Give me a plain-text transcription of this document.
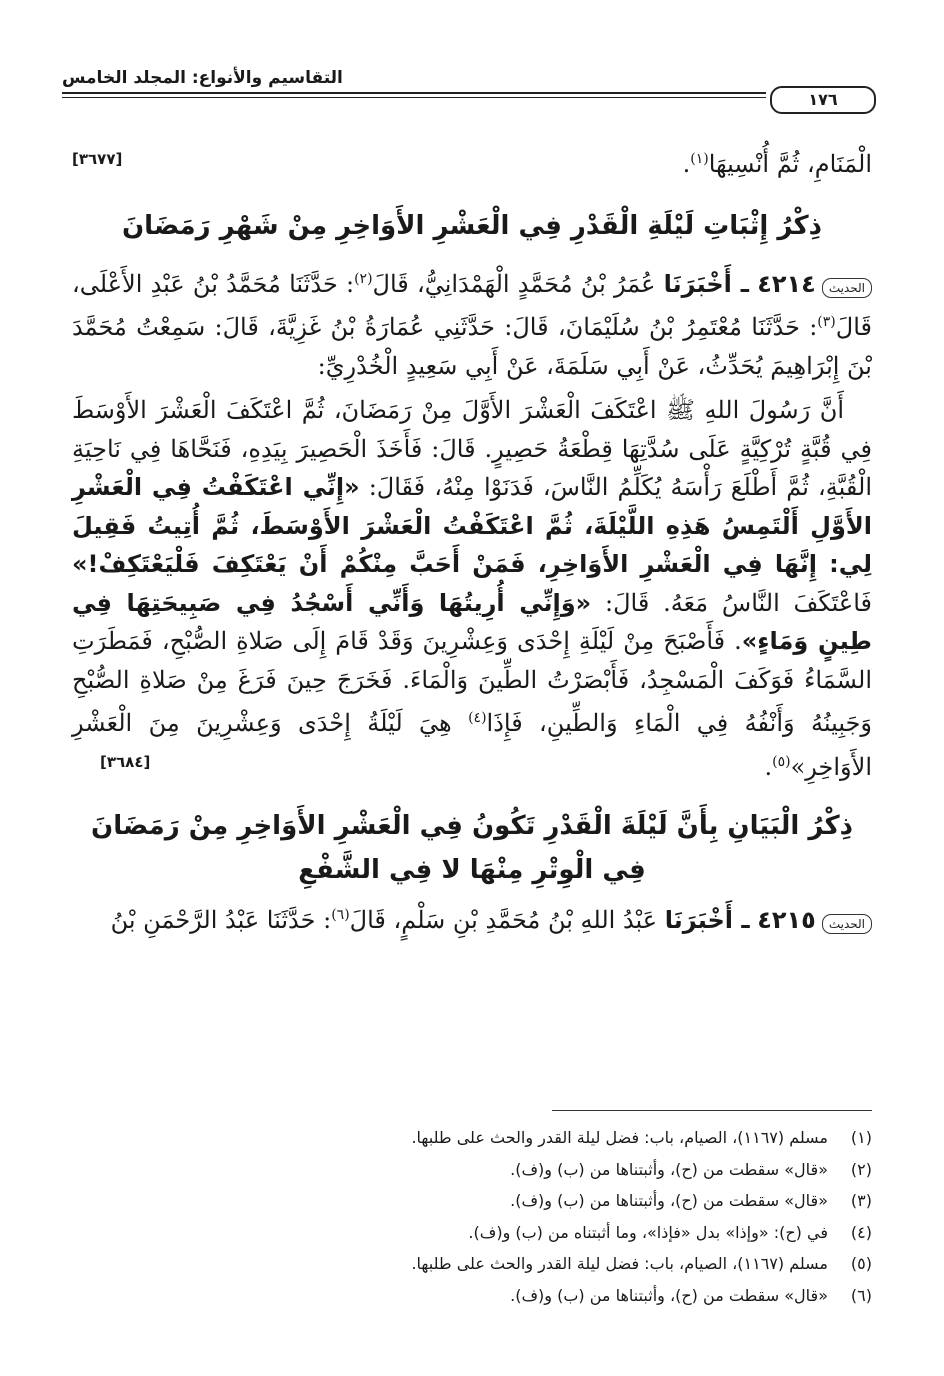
التقاسيم والأنواع: المجلد الخامس
١٧٦

الْمَنَامِ، ثُمَّ أُنْسِيهَا$^{(١)}$.
[٣٦٧٧]

ذِكْرُ إِثْبَاتِ لَيْلَةِ الْقَدْرِ فِي الْعَشْرِ الأَوَاخِرِ مِنْ شَهْرِ رَمَضَانَ

الحديث٤٢١٤ ـ أَخْبَرَنَا عُمَرُ بْنُ مُحَمَّدٍ الْهَمْدَانِيُّ، قَالَ$^{(٢)}$: حَدَّثَنَا مُحَمَّدُ بْنُ عَبْدِ الأَعْلَى، قَالَ$^{(٣)}$: حَدَّثَنَا مُعْتَمِرُ بْنُ سُلَيْمَانَ، قَالَ: حَدَّثَنِي عُمَارَةُ بْنُ غَزِيَّةَ، قَالَ: سَمِعْتُ مُحَمَّدَ بْنَ إِبْرَاهِيمَ يُحَدِّثُ، عَنْ أَبِي سَلَمَةَ، عَنْ أَبِي سَعِيدٍ الْخُدْرِيِّ:

أَنَّ رَسُولَ اللهِ ﷺ اعْتَكَفَ الْعَشْرَ الأَوَّلَ مِنْ رَمَضَانَ، ثُمَّ اعْتَكَفَ الْعَشْرَ الأَوْسَطَ فِي قُبَّةٍ تُرْكِيَّةٍ عَلَى سُدَّتِهَا قِطْعَةُ حَصِيرٍ. قَالَ: فَأَخَذَ الْحَصِيرَ بِيَدِهِ، فَنَحَّاهَا فِي نَاحِيَةِ الْقُبَّةِ، ثُمَّ أَطْلَعَ رَأْسَهُ يُكَلِّمُ النَّاسَ، فَدَنَوْا مِنْهُ، فَقَالَ: «إِنِّي اعْتَكَفْتُ فِي الْعَشْرِ الأَوَّلِ أَلْتَمِسُ هَذِهِ اللَّيْلَةَ، ثُمَّ اعْتَكَفْتُ الْعَشْرَ الأَوْسَطَ، ثُمَّ أُتِيتُ فَقِيلَ لِي: إِنَّهَا فِي الْعَشْرِ الأَوَاخِرِ، فَمَنْ أَحَبَّ مِنْكُمْ أَنْ يَعْتَكِفَ فَلْيَعْتَكِفْ!» فَاعْتَكَفَ النَّاسُ مَعَهُ. قَالَ: «وَإِنِّي أُرِيتُهَا وَأَنِّي أَسْجُدُ فِي صَبِيحَتِهَا فِي طِينٍ وَمَاءٍ». فَأَصْبَحَ مِنْ لَيْلَةِ إِحْدَى وَعِشْرِينَ وَقَدْ قَامَ إِلَى صَلاةِ الصُّبْحِ، فَمَطَرَتِ السَّمَاءُ فَوَكَفَ الْمَسْجِدُ، فَأَبْصَرْتُ الطِّينَ وَالْمَاءَ. فَخَرَجَ حِينَ فَرَغَ مِنْ صَلاةِ الصُّبْحِ وَجَبِينُهُ وَأَنْفُهُ فِي الْمَاءِ وَالطِّينِ، فَإِذَا$^{(٤)}$ هِيَ لَيْلَةُ إِحْدَى وَعِشْرِينَ مِنَ الْعَشْرِ الأَوَاخِرِ»$^{(٥)}$.
[٣٦٨٤]

ذِكْرُ الْبَيَانِ بِأَنَّ لَيْلَةَ الْقَدْرِ تَكُونُ فِي الْعَشْرِ الأَوَاخِرِ مِنْ رَمَضَانَ
فِي الْوِتْرِ مِنْهَا لا فِي الشَّفْعِ

الحديث٤٢١٥ ـ أَخْبَرَنَا عَبْدُ اللهِ بْنُ مُحَمَّدِ بْنِ سَلْمٍ، قَالَ$^{(٦)}$: حَدَّثَنَا عَبْدُ الرَّحْمَنِ بْنُ

(١)مسلم (١١٦٧)، الصيام، باب: فضل ليلة القدر والحث على طلبها.
(٢)«قال» سقطت من (ح)، وأثبتناها من (ب) و(ف).
(٣)«قال» سقطت من (ح)، وأثبتناها من (ب) و(ف).
(٤)في (ح): «وإذا» بدل «فإذا»، وما أثبتناه من (ب) و(ف).
(٥)مسلم (١١٦٧)، الصيام، باب: فضل ليلة القدر والحث على طلبها.
(٦)«قال» سقطت من (ح)، وأثبتناها من (ب) و(ف).
